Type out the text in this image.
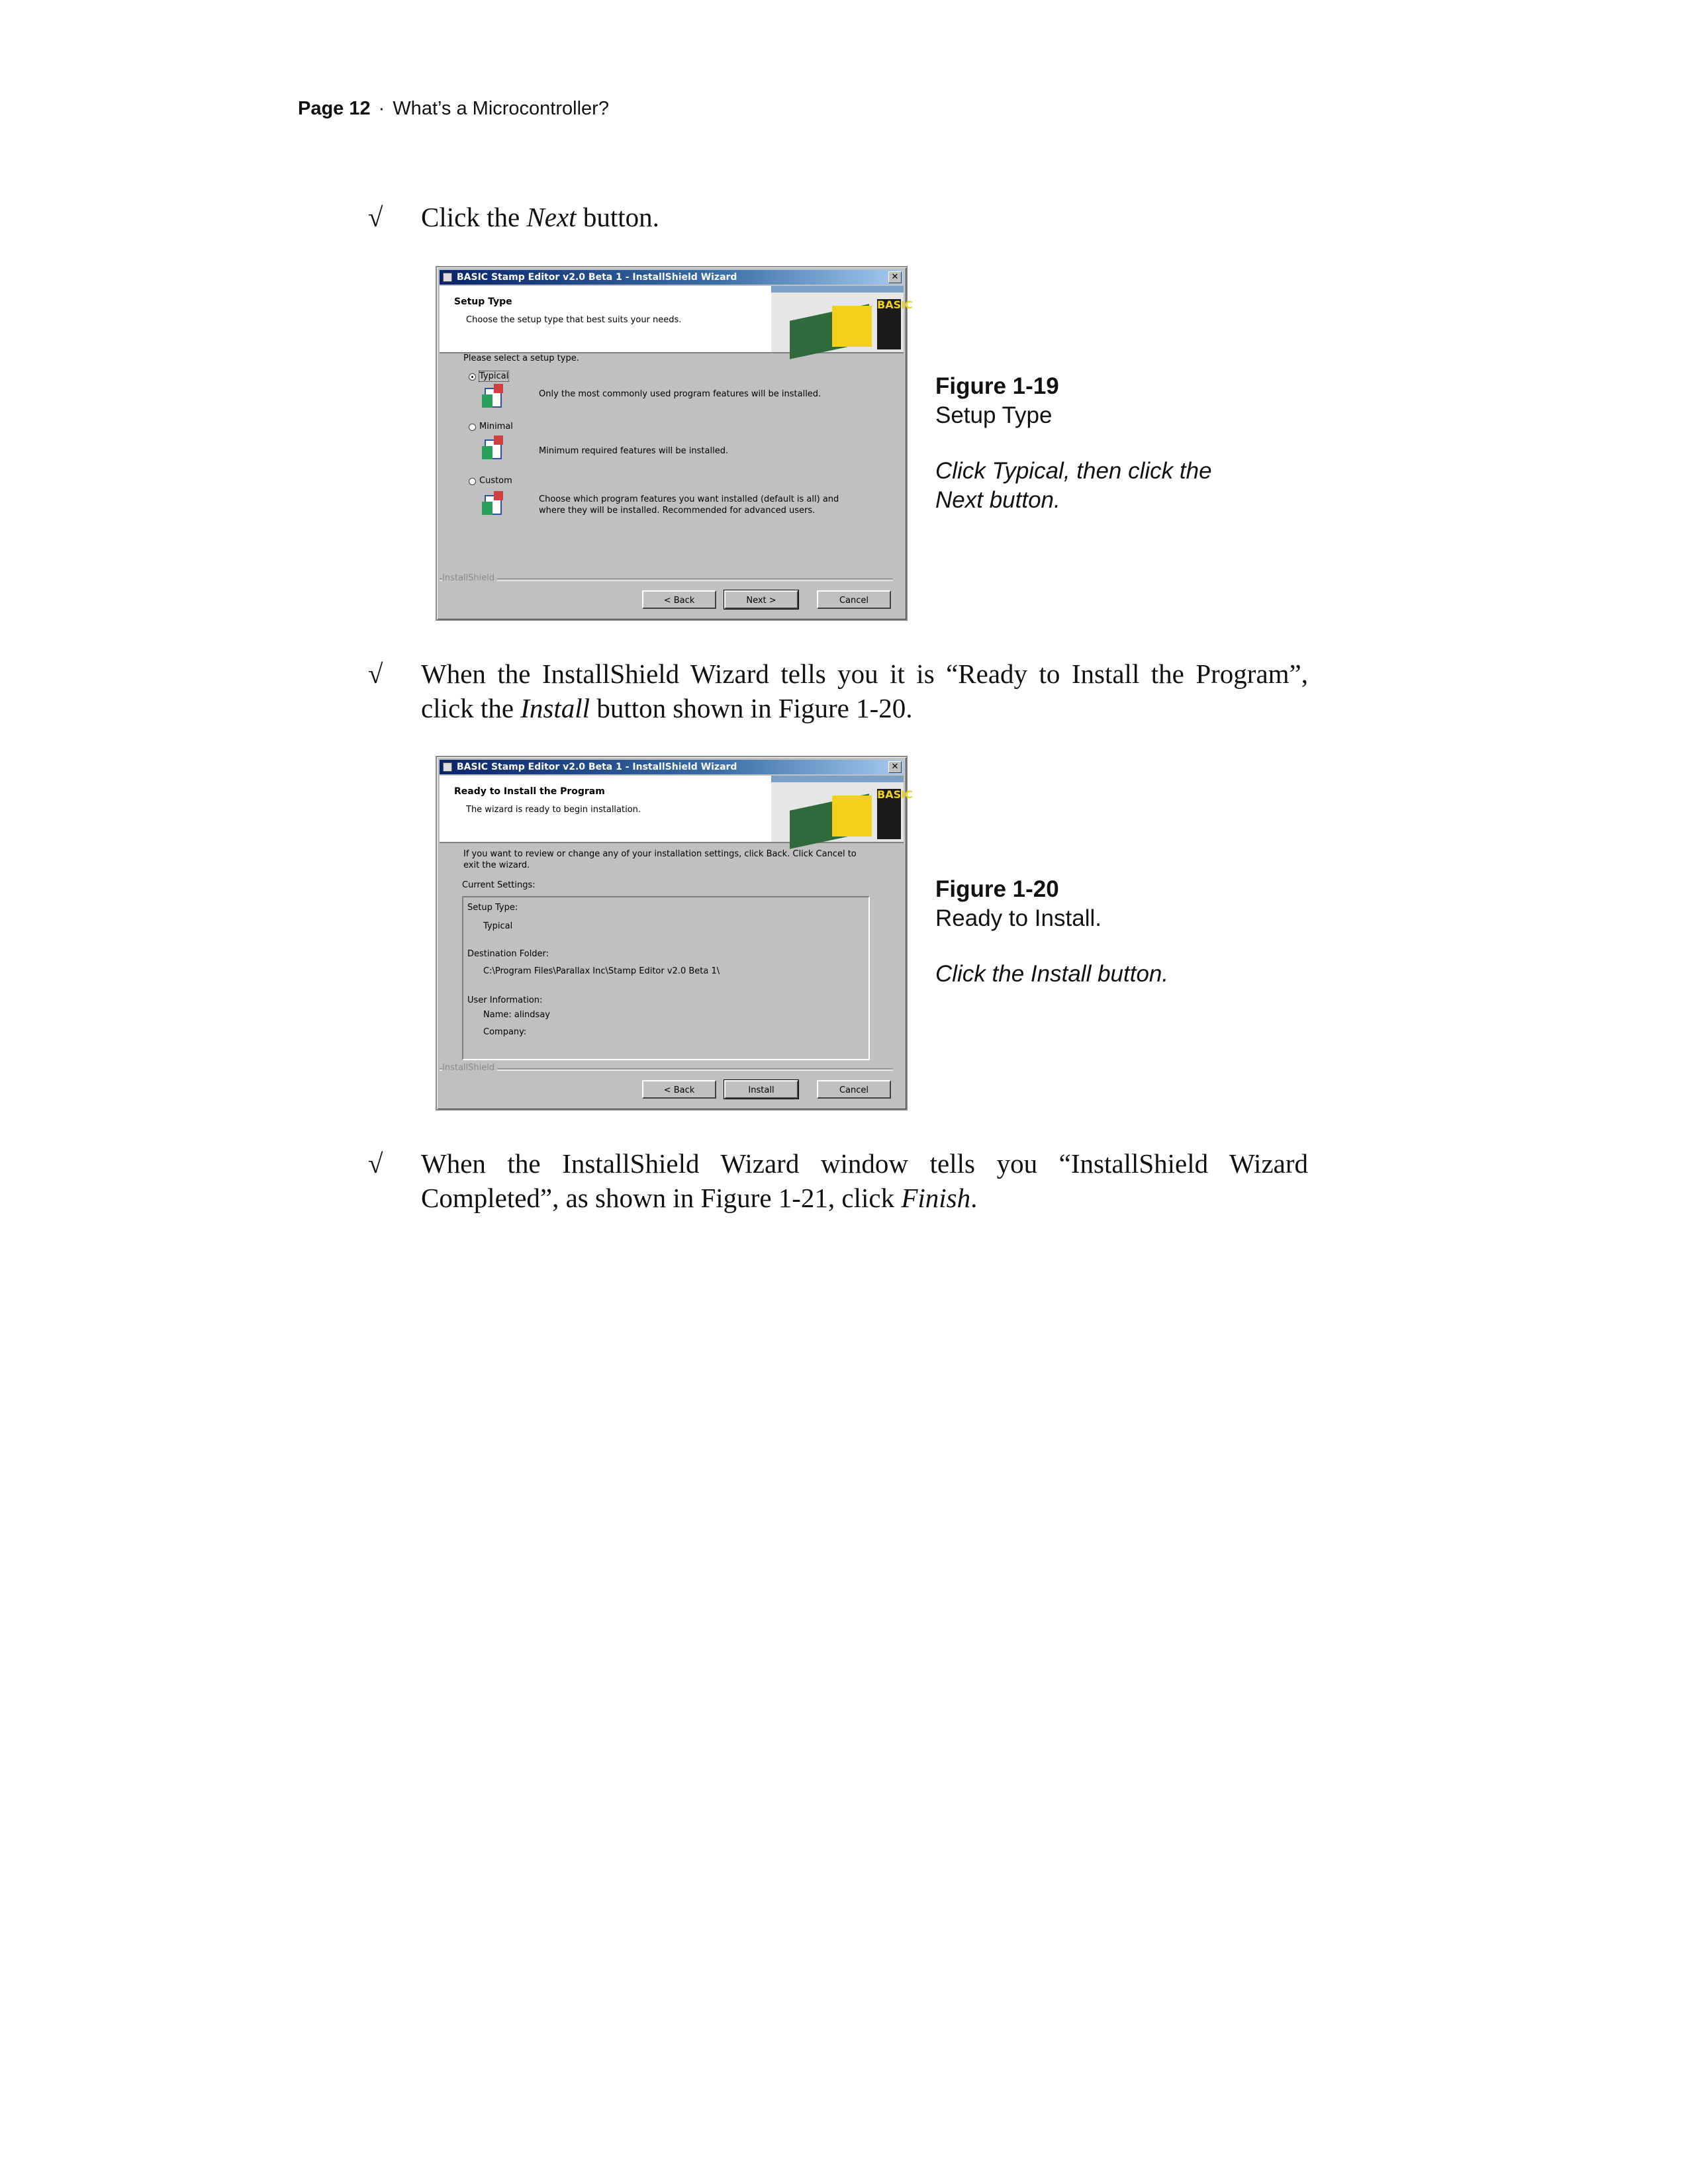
Page 12 · What’s a Microcontroller?
√ Click the Next button.
BASIC Stamp Editor v2.0 Beta 1 - InstallShield Wizard	✕
Setup Type
Choose the setup type that best suits your needs.
BASIC
Please select a setup type.
Typical
Only the most commonly used program features will be installed.
Minimal
Minimum required features will be installed.
Custom
Choose which program features you want installed (default is all) and where they will be installed. Recommended for advanced users.
InstallShield
< Back	Next >	Cancel
Figure 1-19
Setup Type
Click Typical, then click the Next button.
√ When the InstallShield Wizard tells you it is “Ready to Install the Program”, click the Install button shown in Figure 1-20.
BASIC Stamp Editor v2.0 Beta 1 - InstallShield Wizard	✕
Ready to Install the Program
The wizard is ready to begin installation.
BASIC
If you want to review or change any of your installation settings, click Back. Click Cancel to exit the wizard.
Current Settings:
Setup Type:
Typical
Destination Folder:
C:\Program Files\Parallax Inc\Stamp Editor v2.0 Beta 1\
User Information:
Name: alindsay
Company:
InstallShield
< Back	Install	Cancel
Figure 1-20
Ready to Install.
Click the Install button.
√ When the InstallShield Wizard window tells you “InstallShield Wizard Completed”, as shown in Figure 1-21, click Finish.
